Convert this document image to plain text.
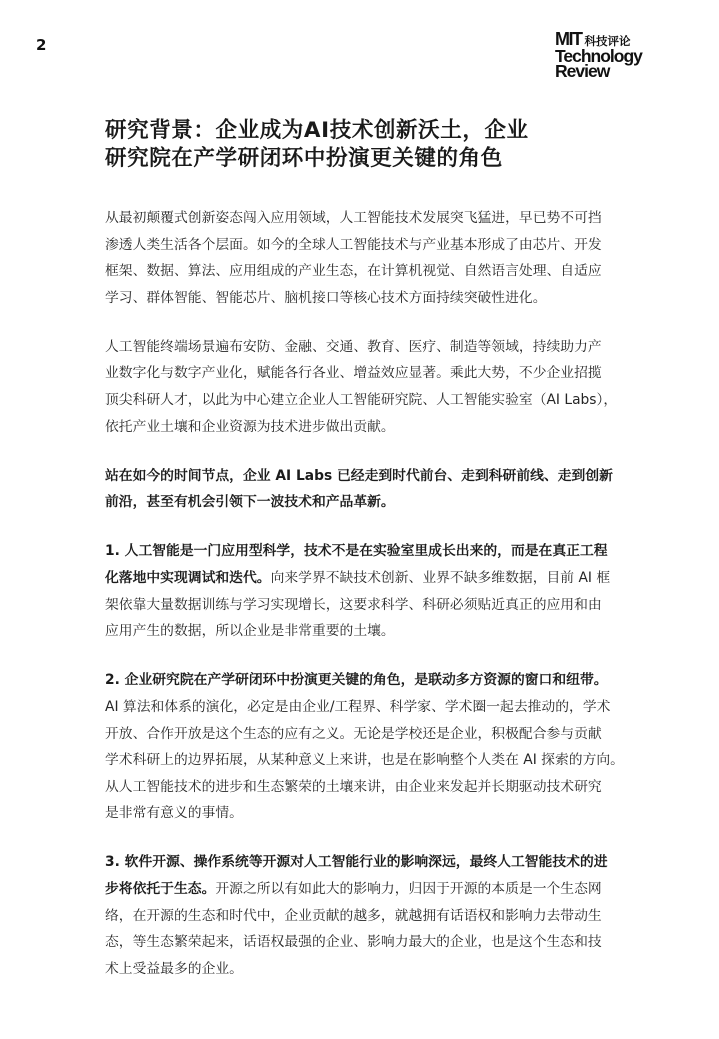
2	MIT 科技评论
Technology
Review
研究背景：企业成为AI技术创新沃土，企业
研究院在产学研闭环中扮演更关键的角色

从最初颠覆式创新姿态闯入应用领域，人工智能技术发展突飞猛进，早已势不可挡
渗透人类生活各个层面。如今的全球人工智能技术与产业基本形成了由芯片、开发
框架、数据、算法、应用组成的产业生态，在计算机视觉、自然语言处理、自适应
学习、群体智能、智能芯片、脑机接口等核心技术方面持续突破性进化。

人工智能终端场景遍布安防、金融、交通、教育、医疗、制造等领域，持续助力产
业数字化与数字产业化，赋能各行各业、增益效应显著。乘此大势，不少企业招揽
顶尖科研人才，以此为中心建立企业人工智能研究院、人工智能实验室（AI Labs），
依托产业土壤和企业资源为技术进步做出贡献。

站在如今的时间节点，企业 AI Labs 已经走到时代前台、走到科研前线、走到创新
前沿，甚至有机会引领下一波技术和产品革新。

1. 人工智能是一门应用型科学，技术不是在实验室里成长出来的，而是在真正工程
化落地中实现调试和迭代。向来学界不缺技术创新、业界不缺多维数据，目前 AI 框
架依靠大量数据训练与学习实现增长，这要求科学、科研必须贴近真正的应用和由
应用产生的数据，所以企业是非常重要的土壤。

2. 企业研究院在产学研闭环中扮演更关键的角色，是联动多方资源的窗口和纽带。
AI 算法和体系的演化，必定是由企业/工程界、科学家、学术圈一起去推动的，学术
开放、合作开放是这个生态的应有之义。无论是学校还是企业，积极配合参与贡献
学术科研上的边界拓展，从某种意义上来讲，也是在影响整个人类在 AI 探索的方向。
从人工智能技术的进步和生态繁荣的土壤来讲，由企业来发起并长期驱动技术研究
是非常有意义的事情。

3. 软件开源、操作系统等开源对人工智能行业的影响深远，最终人工智能技术的进
步将依托于生态。开源之所以有如此大的影响力，归因于开源的本质是一个生态网
络，在开源的生态和时代中，企业贡献的越多，就越拥有话语权和影响力去带动生
态，等生态繁荣起来，话语权最强的企业、影响力最大的企业，也是这个生态和技
术上受益最多的企业。
